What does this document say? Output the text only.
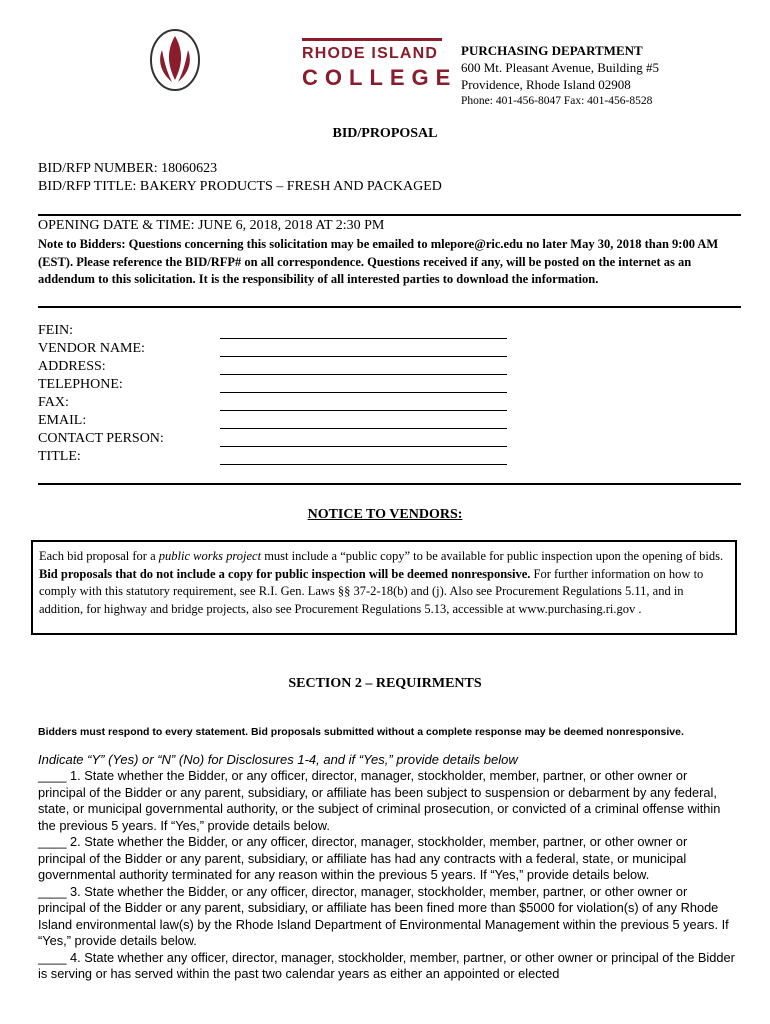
RHODE ISLAND
COLLEGE
PURCHASING DEPARTMENT
600 Mt. Pleasant Avenue, Building #5
Providence, Rhode Island 02908
Phone: 401-456-8047 Fax: 401-456-8528
BID/PROPOSAL
BID/RFP NUMBER: 18060623
BID/RFP TITLE: BAKERY PRODUCTS – FRESH AND PACKAGED
OPENING DATE & TIME: JUNE 6, 2018, 2018 AT 2:30 PM
Note to Bidders: Questions concerning this solicitation may be emailed to mlepore@ric.edu no later May 30, 2018 than 9:00 AM (EST). Please reference the BID/RFP# on all correspondence. Questions received if any, will be posted on the internet as an addendum to this solicitation. It is the responsibility of all interested parties to download the information.
FEIN:
VENDOR NAME:
ADDRESS:
TELEPHONE:
FAX:
EMAIL:
CONTACT PERSON:
TITLE:
NOTICE TO VENDORS:
Each bid proposal for a public works project must include a “public copy” to be available for public inspection upon the opening of bids. Bid proposals that do not include a copy for public inspection will be deemed nonresponsive. For further information on how to comply with this statutory requirement, see R.I. Gen. Laws §§ 37-2-18(b) and (j). Also see Procurement Regulations 5.11, and in addition, for highway and bridge projects, also see Procurement Regulations 5.13, accessible at www.purchasing.ri.gov .
SECTION 2 – REQUIRMENTS
Bidders must respond to every statement. Bid proposals submitted without a complete response may be deemed nonresponsive.
Indicate “Y” (Yes) or “N” (No) for Disclosures 1-4, and if “Yes,” provide details below

____ 1. State whether the Bidder, or any officer, director, manager, stockholder, member, partner, or other owner or principal of the Bidder or any parent, subsidiary, or affiliate has been subject to suspension or debarment by any federal, state, or municipal governmental authority, or the subject of criminal prosecution, or convicted of a criminal offense within the previous 5 years. If “Yes,” provide details below.

____ 2. State whether the Bidder, or any officer, director, manager, stockholder, member, partner, or other owner or principal of the Bidder or any parent, subsidiary, or affiliate has had any contracts with a federal, state, or municipal governmental authority terminated for any reason within the previous 5 years. If “Yes,” provide details below.

____ 3. State whether the Bidder, or any officer, director, manager, stockholder, member, partner, or other owner or principal of the Bidder or any parent, subsidiary, or affiliate has been fined more than $5000 for violation(s) of any Rhode Island environmental law(s) by the Rhode Island Department of Environmental Management within the previous 5 years. If “Yes,” provide details below.

____ 4. State whether any officer, director, manager, stockholder, member, partner, or other owner or principal of the Bidder is serving or has served within the past two calendar years as either an appointed or elected
